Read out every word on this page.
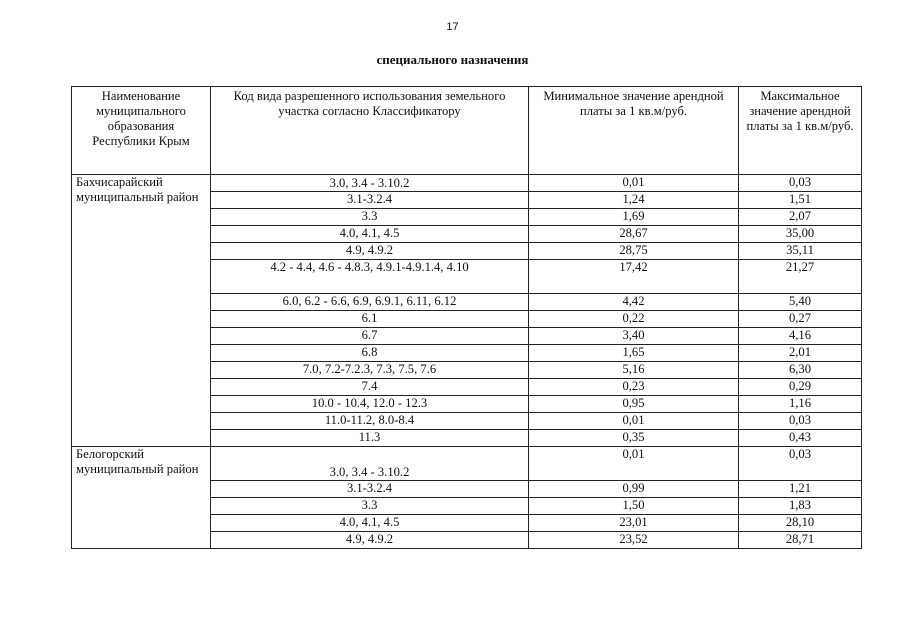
17
специального назначения
Наименование муниципального образования Республики Крым	Код вида разрешенного использования земельного участка согласно Классификатору	Минимальное значение арендной платы за 1 кв.м/руб.	Максимальное значение арендной платы за 1 кв.м/руб.
Бахчисарайский муниципальный район	3.0, 3.4 - 3.10.2	0,01	0,03
	3.1-3.2.4	1,24	1,51
	3.3	1,69	2,07
	4.0, 4.1, 4.5	28,67	35,00
	4.9, 4.9.2	28,75	35,11
	4.2 - 4.4, 4.6 - 4.8.3, 4.9.1-4.9.1.4, 4.10	17,42	21,27
	6.0, 6.2 - 6.6, 6.9, 6.9.1, 6.11, 6.12	4,42	5,40
	6.1	0,22	0,27
	6.7	3,40	4,16
	6.8	1,65	2,01
	7.0, 7.2-7.2.3, 7.3, 7.5, 7.6	5,16	6,30
	7.4	0,23	0,29
	10.0 - 10.4, 12.0 - 12.3	0,95	1,16
	11.0-11.2, 8.0-8.4	0,01	0,03
	11.3	0,35	0,43
Белогорский муниципальный район	3.0, 3.4 - 3.10.2	0,01	0,03
	3.1-3.2.4	0,99	1,21
	3.3	1,50	1,83
	4.0, 4.1, 4.5	23,01	28,10
	4.9, 4.9.2	23,52	28,71
